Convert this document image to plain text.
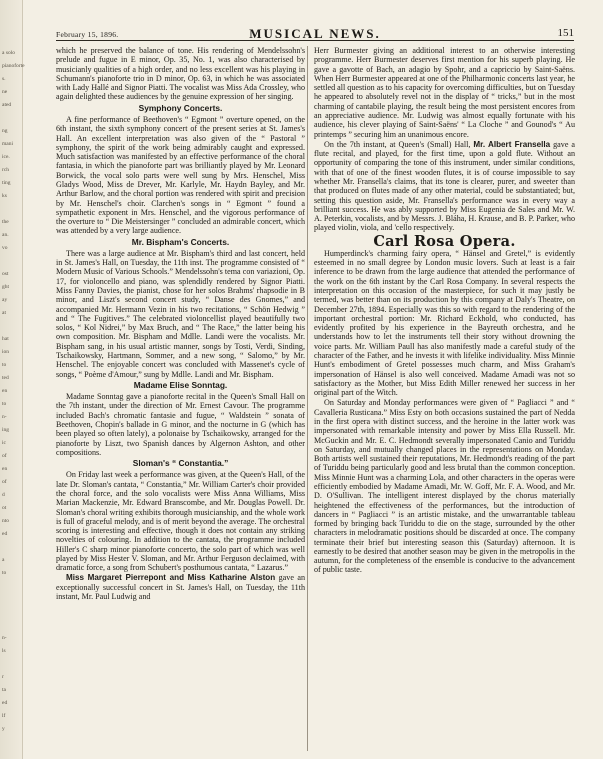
a solo
pianoforte
s.
ne
ated
ng
mani
ice.
rch
ting
ks
the
an.
vo
ost
ght
ay
at
hat
ion
to
ted
en
to
n-
ing
ic
of
en
of
d
ot
nto
ed
a
to
n-
ls
r
ta
ed
lf
y
February 15, 1896.	MUSICAL NEWS.	151

which he preserved the balance of tone. His rendering of Mendelssohn's prelude and fugue in E minor, Op. 35, No. 1, was also characterised by musicianly qualities of a high order, and no less excellent was his playing in Schumann's pianoforte trio in D minor, Op. 63, in which he was associated with Lady Hallé and Signor Piatti. The vocalist was Miss Ada Crossley, who again delighted these audiences by the genuine expression of her singing.

Symphony Concerts.

A fine performance of Beethoven's “ Egmont ” overture opened, on the 6th instant, the sixth symphony concert of the present series at St. James's Hall. An excellent interpretation was also given of the “ Pastoral ” symphony, the spirit of the work being admirably caught and expressed. Much satisfaction was manifested by an effective performance of the choral fantasia, in which the pianoforte part was brilliantly played by Mr. Leonard Borwick, the vocal solo parts were well sung by Mrs. Henschel, Miss Gladys Wood, Miss de Drever, Mr. Karlyle, Mr. Haydn Bayley, and Mr. Arthur Barlow, and the choral portion was rendered with spirit and precision by Mr. Henschel's choir. Clarchen's songs in “ Egmont ” found a sympathetic exponent in Mrs. Henschel, and the vigorous performance of the overture to “ Die Meistersinger ” concluded an admirable concert, which was attended by a very large audience.

Mr. Bispham's Concerts.

There was a large audience at Mr. Bispham's third and last concert, held in St. James's Hall, on Tuesday, the 11th inst. The programme consisted of “ Modern Music of Various Schools.” Mendelssohn's tema con variazioni, Op. 17, for violoncello and piano, was splendidly rendered by Signor Piatti. Miss Fanny Davies, the pianist, chose for her solos Brahms' rhapsodie in B minor, and Liszt's second concert study, “ Danse des Gnomes,” and accompanied Mr. Hermann Vezin in his two recitations, “ Schön Hedwig ” and “ The Fugitives.” The celebrated violoncellist played beautifully two solos, “ Kol Nidrei,” by Max Bruch, and “ The Race,” the latter being his own composition. Mr. Bispham and Mdlle. Landi were the vocalists. Mr. Bispham sang, in his usual artistic manner, songs by Tosti, Verdi, Sinding, Tschaikowsky, Hartmann, Sommer, and a new song, “ Salomo,” by Mr. Henschel. The enjoyable concert was concluded with Massenet's cycle of songs, “ Poème d'Amour,” sung by Mdlle. Landi and Mr. Bispham.

Madame Elise Sonntag.

Madame Sonntag gave a pianoforte recital in the Queen's Small Hall on the 7th instant, under the direction of Mr. Ernest Cavour. The programme included Bach's chromatic fantasie and fugue, “ Waldstein ” sonata of Beethoven, Chopin's ballade in G minor, and the nocturne in G (which has been played so often lately), a polonaise by Tschaikowsky, arranged for the pianoforte by Liszt, two Spanish dances by Algernon Ashton, and other compositions.

Sloman's “ Constantia.”

On Friday last week a performance was given, at the Queen's Hall, of the late Dr. Sloman's cantata, “ Constantia,” Mr. William Carter's choir provided the choral force, and the solo vocalists were Miss Anna Williams, Miss Marian Mackenzie, Mr. Edward Branscombe, and Mr. Douglas Powell. Dr. Sloman's choral writing exhibits thorough musicianship, and the whole work is full of graceful melody, and is of merit beyond the average. The orchestral scoring is interesting and effective, though it does not contain any striking novelties of colouring. In addition to the cantata, the programme included Hiller's C sharp minor pianoforte concerto, the solo part of which was well played by Miss Hester V. Sloman, and Mr. Arthur Ferguson declaimed, with dramatic force, a song from Schubert's posthumous cantata, “ Lazarus.”

Miss Margaret Pierrepont and Miss Katharine Alston gave an exceptionally successful concert in St. James's Hall, on Tuesday, the 11th instant, Mr. Paul Ludwig and

Herr Burmester giving an additional interest to an otherwise interesting programme. Herr Burmester deserves first mention for his superb playing. He gave a gavotte of Bach, an adagio by Spohr, and a capriccio by Saint-Saëns. When Herr Burmester appeared at one of the Philharmonic concerts last year, he settled all question as to his capacity for overcoming difficulties, but on Tuesday he appeared to absolutely revel not in the display of “ tricks,” but in the most charming of cantabile playing, the result being the most persistent encores from an appreciative audience. Mr. Ludwig was almost equally fortunate with his audience, his clever playing of Saint-Saëns' “ La Cloche ” and Gounod's “ Au printemps ” securing him an unanimous encore.

On the 7th instant, at Queen's (Small) Hall, Mr. Albert Fransella gave a flute recital, and played, for the first time, upon a gold flute. Without an opportunity of comparing the tone of this instrument, under similar conditions, with that of one of the finest wooden flutes, it is of course impossible to say whether Mr. Fransella's claims, that its tone is clearer, purer, and sweeter than that produced on flutes made of any other material, could be substantiated; but, setting this question aside, Mr. Fransella's performance was in every way a brilliant success. He was ably supported by Miss Eugenia de Sales and Mr. W. A. Peterkin, vocalists, and by Messrs. J. Bláha, H. Krause, and B. P. Parker, who played violin, viola, and 'cello respectively.

Carl Rosa Opera.

Humperdinck's charming fairy opera, “ Hänsel and Gretel,” is evidently esteemed in no small degree by London music lovers. Such at least is a fair inference to be drawn from the large audience that attended the performance of the work on the 6th instant by the Carl Rosa Company. In several respects the interpretation on this occasion of the masterpiece, for such it may justly be termed, was better than on its production by this company at Daly's Theatre, on December 27th, 1894. Especially was this so with regard to the rendering of the important orchestral portion: Mr. Richard Eckhold, who conducted, has evidently profited by his experience in the Bayreuth orchestra, and he understands how to let the instruments tell their story without drowning the voice parts. Mr. William Paull has also manifestly made a careful study of the character of the Father, and he invests it with lifelike individuality. Miss Minnie Hunt's embodiment of Gretel possesses much charm, and Miss Graham's impersonation of Hänsel is also well conceived. Madame Amadi was not so satisfactory as the Mother, but Miss Edith Miller renewed her success in her original part of the Witch.

On Saturday and Monday performances were given of “ Pagliacci ” and “ Cavalleria Rusticana.” Miss Esty on both occasions sustained the part of Nedda in the first opera with distinct success, and the heroine in the latter work was impersonated with remarkable intensity and power by Miss Ella Russell. Mr. McGuckin and Mr. E. C. Hedmondt severally impersonated Canio and Turiddu on Saturday, and mutually changed places in the representations on Monday. Both artists well sustained their reputations, Mr. Hedmondt's reading of the part of Turiddu being particularly good and less brutal than the common conception. Miss Minnie Hunt was a charming Lola, and other characters in the operas were efficiently embodied by Madame Amadi, Mr. W. Goff, Mr. F. A. Wood, and Mr. D. O'Sullivan. The intelligent interest displayed by the chorus materially heightened the effectiveness of the performances, but the introduction of dancers in “ Pagliacci ” is an artistic mistake, and the unwarrantable tableau formed by bringing back Turiddu to die on the stage, surrounded by the other characters in melodramatic positions should be discarded at once. The company terminate their brief but interesting season this (Saturday) afternoon. It is earnestly to be desired that another season may be given in the metropolis in the autumn, for the completeness of the ensemble is conducive to the advancement of public taste.
